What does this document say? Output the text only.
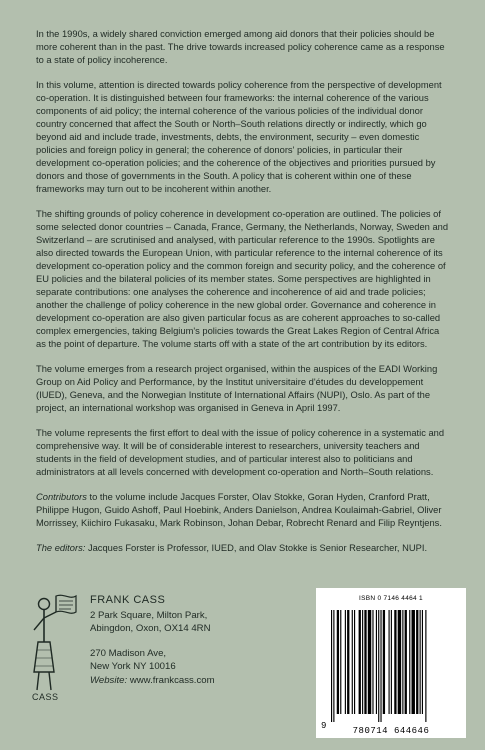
In the 1990s, a widely shared conviction emerged among aid donors that their policies should be more coherent than in the past. The drive towards increased policy coherence came as a response to a state of policy incoherence.

In this volume, attention is directed towards policy coherence from the perspective of development co-operation. It is distinguished between four frameworks: the internal coherence of the various components of aid policy; the internal coherence of the various policies of the individual donor country concerned that affect the South or North–South relations directly or indirectly, which go beyond aid and include trade, investments, debts, the environment, security – even domestic policies and foreign policy in general; the coherence of donors' policies, in particular their development co-operation policies; and the coherence of the objectives and priorities pursued by donors and those of governments in the South. A policy that is coherent within one of these frameworks may turn out to be incoherent within another.

The shifting grounds of policy coherence in development co-operation are outlined. The policies of some selected donor countries – Canada, France, Germany, the Netherlands, Norway, Sweden and Switzerland – are scrutinised and analysed, with particular reference to the 1990s. Spotlights are also directed towards the European Union, with particular reference to the internal coherence of its development co-operation policy and the common foreign and security policy, and the coherence of EU policies and the bilateral policies of its member states. Some perspectives are highlighted in separate contributions: one analyses the coherence and incoherence of aid and trade policies; another the challenge of policy coherence in the new global order. Governance and coherence in development co-operation are also given particular focus as are coherent approaches to so-called complex emergencies, taking Belgium's policies towards the Great Lakes Region of Central Africa as the point of departure. The volume starts off with a state of the art contribution by its editors.

The volume emerges from a research project organised, within the auspices of the EADI Working Group on Aid Policy and Performance, by the Institut universitaire d'études du developpement (IUED), Geneva, and the Norwegian Institute of International Affairs (NUPI), Oslo. As part of the project, an international workshop was organised in Geneva in April 1997.

The volume represents the first effort to deal with the issue of policy coherence in a systematic and comprehensive way. It will be of considerable interest to researchers, university teachers and students in the field of development studies, and of particular interest also to politicians and administrators at all levels concerned with development co-operation and North–South relations.

Contributors to the volume include Jacques Forster, Olav Stokke, Goran Hyden, Cranford Pratt, Philippe Hugon, Guido Ashoff, Paul Hoebink, Anders Danielson, Andrea Koulaimah-Gabriel, Oliver Morrissey, Kiichiro Fukasaku, Mark Robinson, Johan Debar, Robrecht Renard and Filip Reyntjens.

The editors: Jacques Forster is Professor, IUED, and Olav Stokke is Senior Researcher, NUPI.

CASS
FRANK CASS
2 Park Square, Milton Park,
Abingdon, Oxon, OX14 4RN
270 Madison Ave,
New York NY 10016
Website: www.frankcass.com
ISBN 0 7146 4464 1
9	780714 644646
